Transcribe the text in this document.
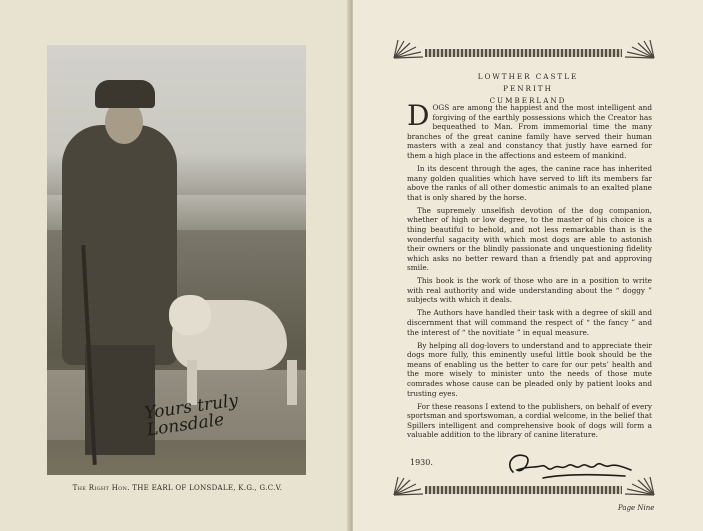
Yours truly Lonsdale
The Right Hon. THE EARL OF LONSDALE, K.G., G.C.V.
LOWTHER CASTLE
PENRITH
CUMBERLAND

DOGS are among the happiest and the most intelligent and forgiving of the earthly possessions which the Creator has bequeathed to Man. From immemorial time the many branches of the great canine family have served their human masters with a zeal and constancy that justly have earned for them a high place in the affections and esteem of mankind.

In its descent through the ages, the canine race has inherited many golden qualities which have served to lift its members far above the ranks of all other domestic animals to an exalted plane that is only shared by the horse.

The supremely unselfish devotion of the dog companion, whether of high or low degree, to the master of his choice is a thing beautiful to behold, and not less remarkable than is the wonderful sagacity with which most dogs are able to astonish their owners or the blindly passionate and unquestioning fidelity which asks no better reward than a friendly pat and approving smile.

This book is the work of those who are in a position to write with real authority and wide understanding about the “ doggy ” subjects with which it deals.

The Authors have handled their task with a degree of skill and discernment that will command the respect of “ the fancy ” and the interest of “ the novitiate ” in equal measure.

By helping all dog-lovers to understand and to appreciate their dogs more fully, this eminently useful little book should be the means of enabling us the better to care for our pets’ health and the more wisely to minister unto the needs of those mute comrades whose cause can be pleaded only by patient looks and trusting eyes.

For these reasons I extend to the publishers, on behalf of every sportsman and sportswoman, a cordial welcome, in the belief that Spillers intelligent and comprehensive book of dogs will form a valuable addition to the library of canine literature.

1930.
Page Nine
